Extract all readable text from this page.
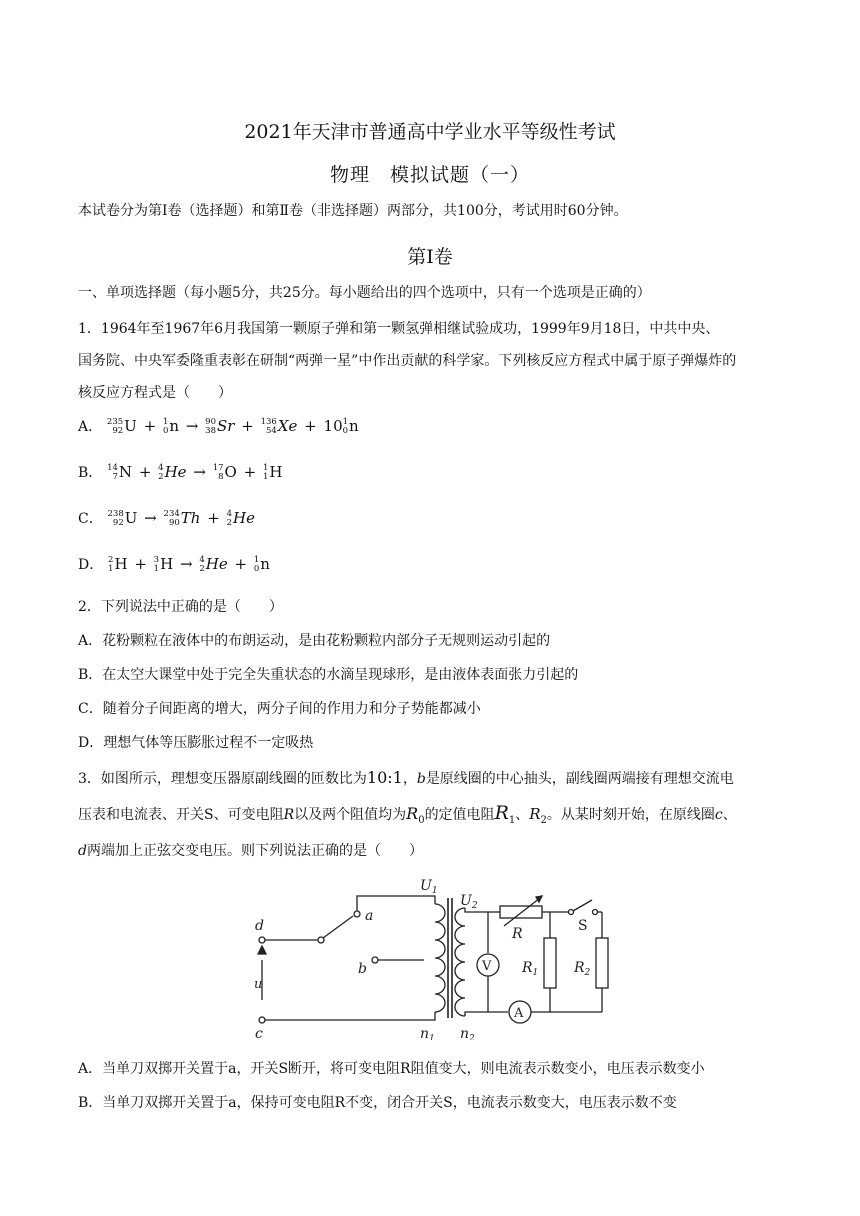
2021年天津市普通高中学业水平等级性考试
物理　模拟试题（一）
本试卷分为第Ⅰ卷（选择题）和第Ⅱ卷（非选择题）两部分，共100分，考试用时60分钟。
第Ⅰ卷
一、单项选择题（每小题5分，共25分。每小题给出的四个选项中，只有一个选项是正确的）
1．1964年至1967年6月我国第一颗原子弹和第一颗氢弹相继试验成功，1999年9月18日，中共中央、
国务院、中央军委隆重表彰在研制“两弹一星”中作出贡献的科学家。下列核反应方程式中属于原子弹爆炸的
核反应方程式是（　　）
A． 235
92 U + 1
0 n → 90
38 Sr + 136
54 Xe + 10 1
0 n
B． 14
7 N + 4
2 He → 17
8 O + 1
1 H
C． 238
92 U → 234
90 Th + 4
2 He
D． 2
1 H + 3
1 H → 4
2 He + 1
0 n
2．下列说法中正确的是（　　）
A．花粉颗粒在液体中的布朗运动，是由花粉颗粒内部分子无规则运动引起的
B．在太空大课堂中处于完全失重状态的水滴呈现球形，是由液体表面张力引起的
C．随着分子间距离的增大，两分子间的作用力和分子势能都减小
D．理想气体等压膨胀过程不一定吸热
3．如图所示，理想变压器原副线圈的匝数比为10:1，b是原线圈的中心抽头，副线圈两端接有理想交流电
压表和电流表、开关S、可变电阻R以及两个阻值均为$R_0$的定值电阻$R_1$、$R_2$。从某时刻开始，在原线圈c、
d两端加上正弦交变电压。则下列说法正确的是（　　）
d
c
u
a
b
$U_1$
$n_1$
$U_2$
$n_2$
R	S
V $R_1$	$R_2$
A
A．当单刀双掷开关置于a，开关S断开，将可变电阻R阻值变大，则电流表示数变小，电压表示数变小
B．当单刀双掷开关置于a，保持可变电阻R不变，闭合开关S，电流表示数变大，电压表示数不变
